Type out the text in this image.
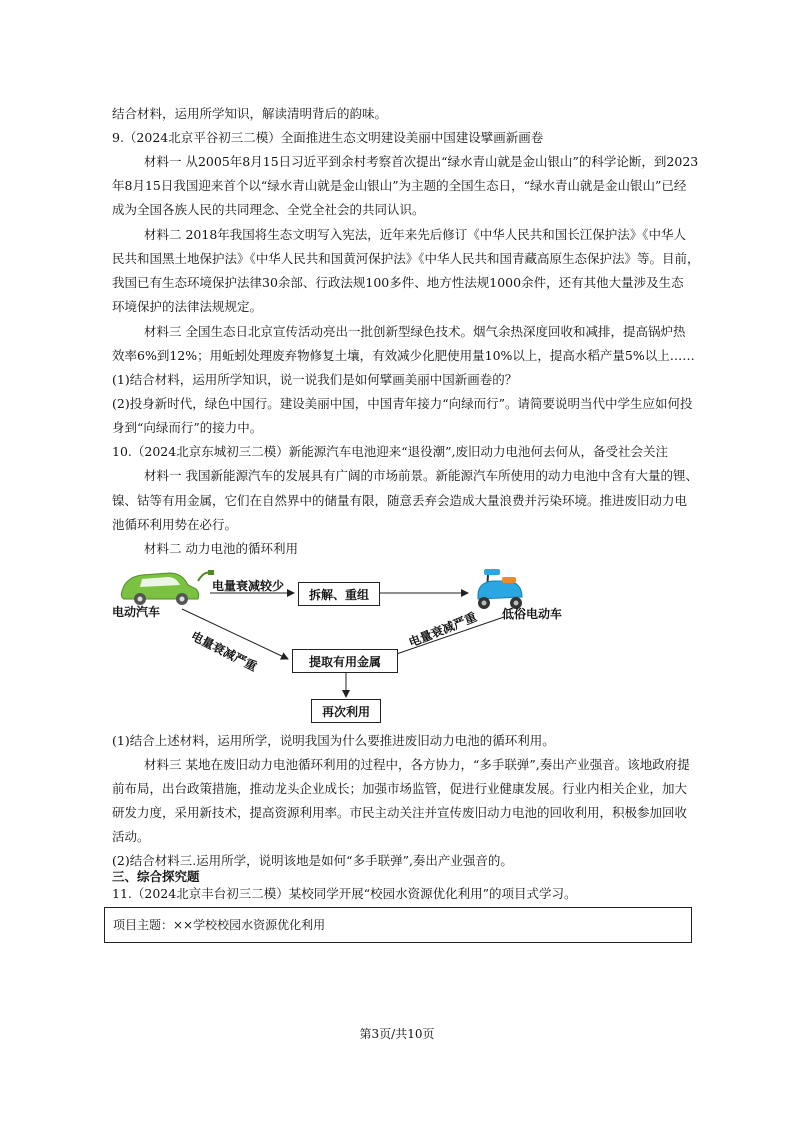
结合材料，运用所学知识，解读清明背后的韵味。
9.（2024北京平谷初三二模）全面推进生态文明建设美丽中国建设擘画新画卷
材料一 从2005年8月15日习近平到余村考察首次提出“绿水青山就是金山银山”的科学论断，到2023
年8月15日我国迎来首个以“绿水青山就是金山银山”为主题的全国生态日，“绿水青山就是金山银山”已经
成为全国各族人民的共同理念、全党全社会的共同认识。
材料二 2018年我国将生态文明写入宪法，近年来先后修订《中华人民共和国长江保护法》《中华人
民共和国黑土地保护法》《中华人民共和国黄河保护法》《中华人民共和国青藏高原生态保护法》等。目前，
我国已有生态环境保护法律30余部、行政法规100多件、地方性法规1000余件，还有其他大量涉及生态
环境保护的法律法规规定。
材料三 全国生态日北京宣传活动亮出一批创新型绿色技术。烟气余热深度回收和减排，提高锅炉热
效率6%到12%；用蚯蚓处理废弃物修复土壤，有效减少化肥使用量10%以上，提高水稻产量5%以上……
(1)结合材料，运用所学知识，说一说我们是如何擘画美丽中国新画卷的？
(2)投身新时代，绿色中国行。建设美丽中国，中国青年接力“向绿而行”。请简要说明当代中学生应如何投
身到“向绿而行”的接力中。
10.（2024北京东城初三二模）新能源汽车电池迎来“退役潮”,废旧动力电池何去何从，备受社会关注
材料一 我国新能源汽车的发展具有广阔的市场前景。新能源汽车所使用的动力电池中含有大量的锂、
镍、钴等有用金属，它们在自然界中的储量有限，随意丢弃会造成大量浪费并污染环境。推进废旧动力电
池循环利用势在必行。
材料二 动力电池的循环利用
电动汽车	低俗电动车
电量衰减较少
拆解、重组
电量衰减严重	电量衰减严重
提取有用金属
再次利用
(1)结合上述材料，运用所学，说明我国为什么要推进废旧动力电池的循环利用。
材料三 某地在废旧动力电池循环利用的过程中，各方协力，“多手联弹”,奏出产业强音。该地政府提
前布局，出台政策措施，推动龙头企业成长；加强市场监管，促进行业健康发展。行业内相关企业，加大
研发力度，采用新技术，提高资源利用率。市民主动关注并宣传废旧动力电池的回收利用，积极参加回收
活动。
(2)结合材料三.运用所学，说明该地是如何“多手联弹”,奏出产业强音的。
三、综合探究题
11.（2024北京丰台初三二模）某校同学开展“校园水资源优化利用”的项目式学习。
项目主题：××学校校园水资源优化利用
第3页/共10页
